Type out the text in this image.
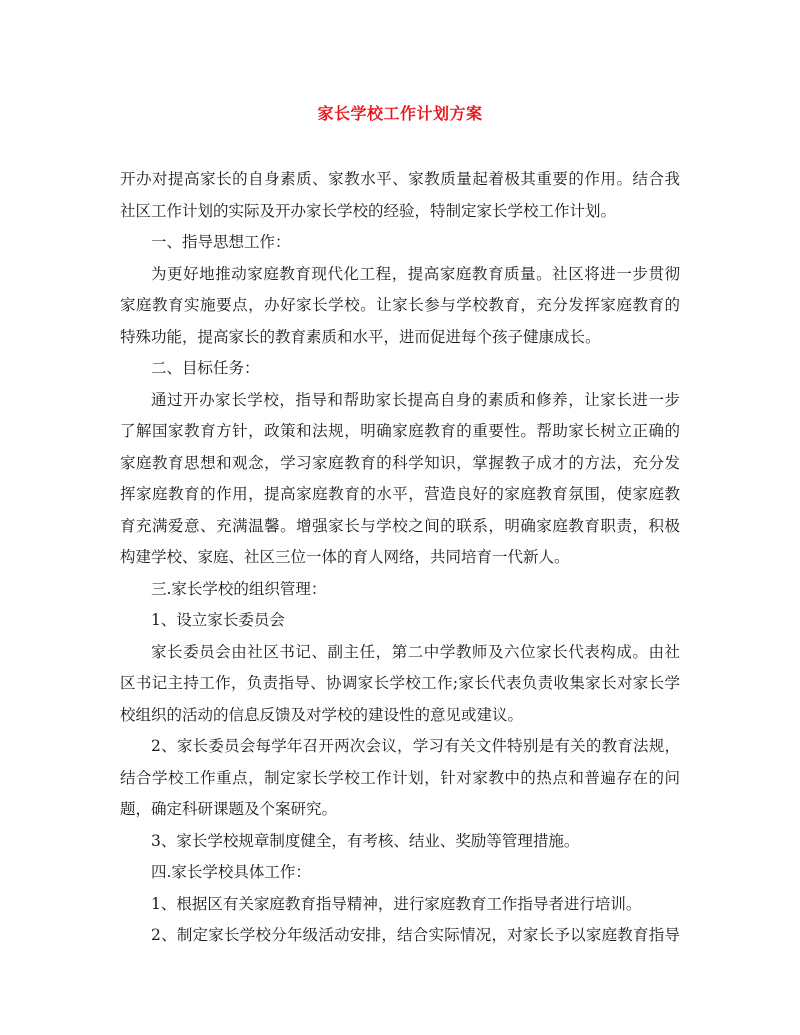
家长学校工作计划方案
开办对提高家长的自身素质、家教水平、家教质量起着极其重要的作用。结合我
社区工作计划的实际及开办家长学校的经验，特制定家长学校工作计划。
一、指导思想工作：
为更好地推动家庭教育现代化工程，提高家庭教育质量。社区将进一步贯彻
家庭教育实施要点，办好家长学校。让家长参与学校教育，充分发挥家庭教育的
特殊功能，提高家长的教育素质和水平，进而促进每个孩子健康成长。
二、目标任务：
通过开办家长学校，指导和帮助家长提高自身的素质和修养，让家长进一步
了解国家教育方针，政策和法规，明确家庭教育的重要性。帮助家长树立正确的
家庭教育思想和观念，学习家庭教育的科学知识，掌握教子成才的方法，充分发
挥家庭教育的作用，提高家庭教育的水平，营造良好的家庭教育氛围，使家庭教
育充满爱意、充满温馨。增强家长与学校之间的联系，明确家庭教育职责，积极
构建学校、家庭、社区三位一体的育人网络，共同培育一代新人。
三.家长学校的组织管理：
1、设立家长委员会
家长委员会由社区书记、副主任，第二中学教师及六位家长代表构成。由社
区书记主持工作，负责指导、协调家长学校工作;家长代表负责收集家长对家长学
校组织的活动的信息反馈及对学校的建设性的意见或建议。
2、家长委员会每学年召开两次会议，学习有关文件特别是有关的教育法规，
结合学校工作重点，制定家长学校工作计划，针对家教中的热点和普遍存在的问
题，确定科研课题及个案研究。
3、家长学校规章制度健全，有考核、结业、奖励等管理措施。
四.家长学校具体工作：
1、根据区有关家庭教育指导精神，进行家庭教育工作指导者进行培训。
2、制定家长学校分年级活动安排，结合实际情况，对家长予以家庭教育指导
